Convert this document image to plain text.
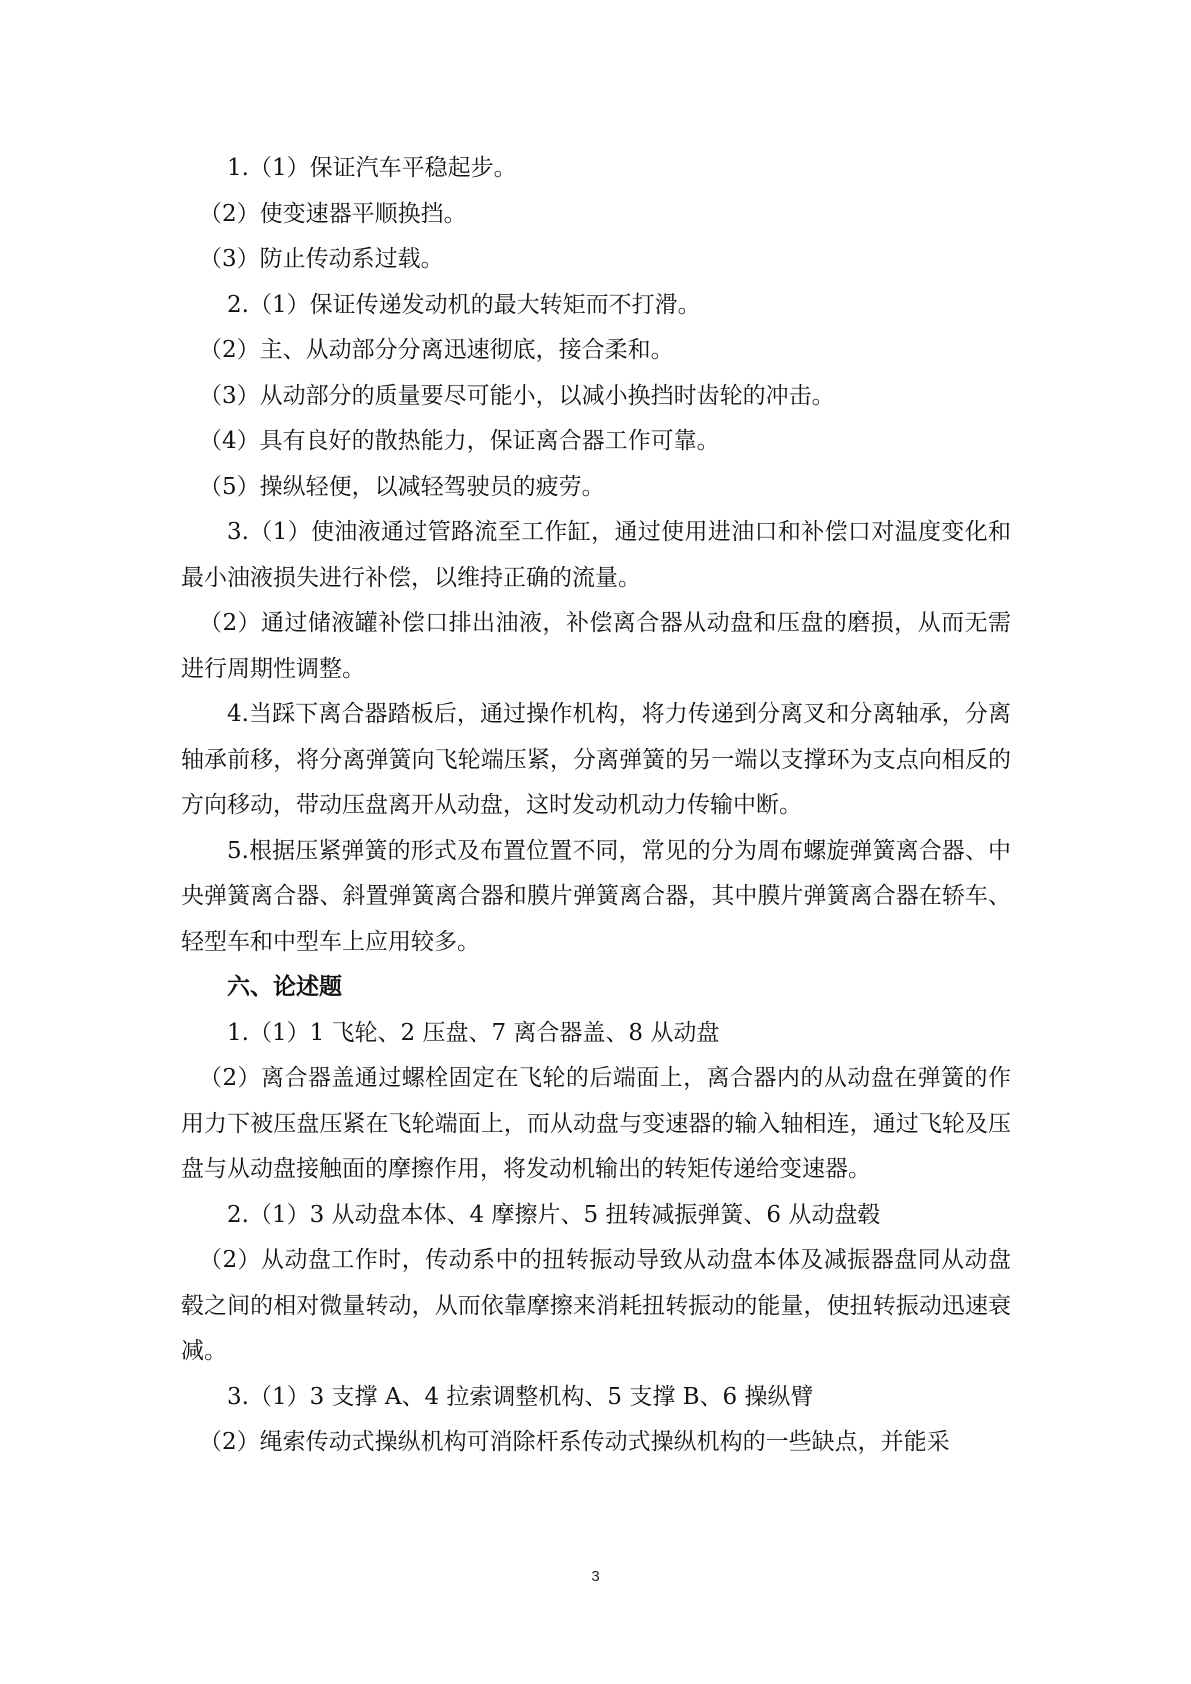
1.（1）保证汽车平稳起步。

（2）使变速器平顺换挡。

（3）防止传动系过载。

2.（1）保证传递发动机的最大转矩而不打滑。

（2）主、从动部分分离迅速彻底，接合柔和。

（3）从动部分的质量要尽可能小，以减小换挡时齿轮的冲击。

（4）具有良好的散热能力，保证离合器工作可靠。

（5）操纵轻便，以减轻驾驶员的疲劳。

3.（1）使油液通过管路流至工作缸，通过使用进油口和补偿口对温度变化和最小油液损失进行补偿，以维持正确的流量。

（2）通过储液罐补偿口排出油液，补偿离合器从动盘和压盘的磨损，从而无需进行周期性调整。

4.当踩下离合器踏板后，通过操作机构，将力传递到分离叉和分离轴承，分离轴承前移，将分离弹簧向飞轮端压紧，分离弹簧的另一端以支撑环为支点向相反的方向移动，带动压盘离开从动盘，这时发动机动力传输中断。

5.根据压紧弹簧的形式及布置位置不同，常见的分为周布螺旋弹簧离合器、中央弹簧离合器、斜置弹簧离合器和膜片弹簧离合器，其中膜片弹簧离合器在轿车、轻型车和中型车上应用较多。

六、论述题

1.（1）1 飞轮、2 压盘、7 离合器盖、8 从动盘

（2）离合器盖通过螺栓固定在飞轮的后端面上，离合器内的从动盘在弹簧的作用力下被压盘压紧在飞轮端面上，而从动盘与变速器的输入轴相连，通过飞轮及压盘与从动盘接触面的摩擦作用，将发动机输出的转矩传递给变速器。

2.（1）3 从动盘本体、4 摩擦片、5 扭转减振弹簧、6 从动盘毂

（2）从动盘工作时，传动系中的扭转振动导致从动盘本体及减振器盘同从动盘毂之间的相对微量转动，从而依靠摩擦来消耗扭转振动的能量，使扭转振动迅速衰减。

3.（1）3 支撑 A、4 拉索调整机构、5 支撑 B、6 操纵臂

（2）绳索传动式操纵机构可消除杆系传动式操纵机构的一些缺点，并能采

3
